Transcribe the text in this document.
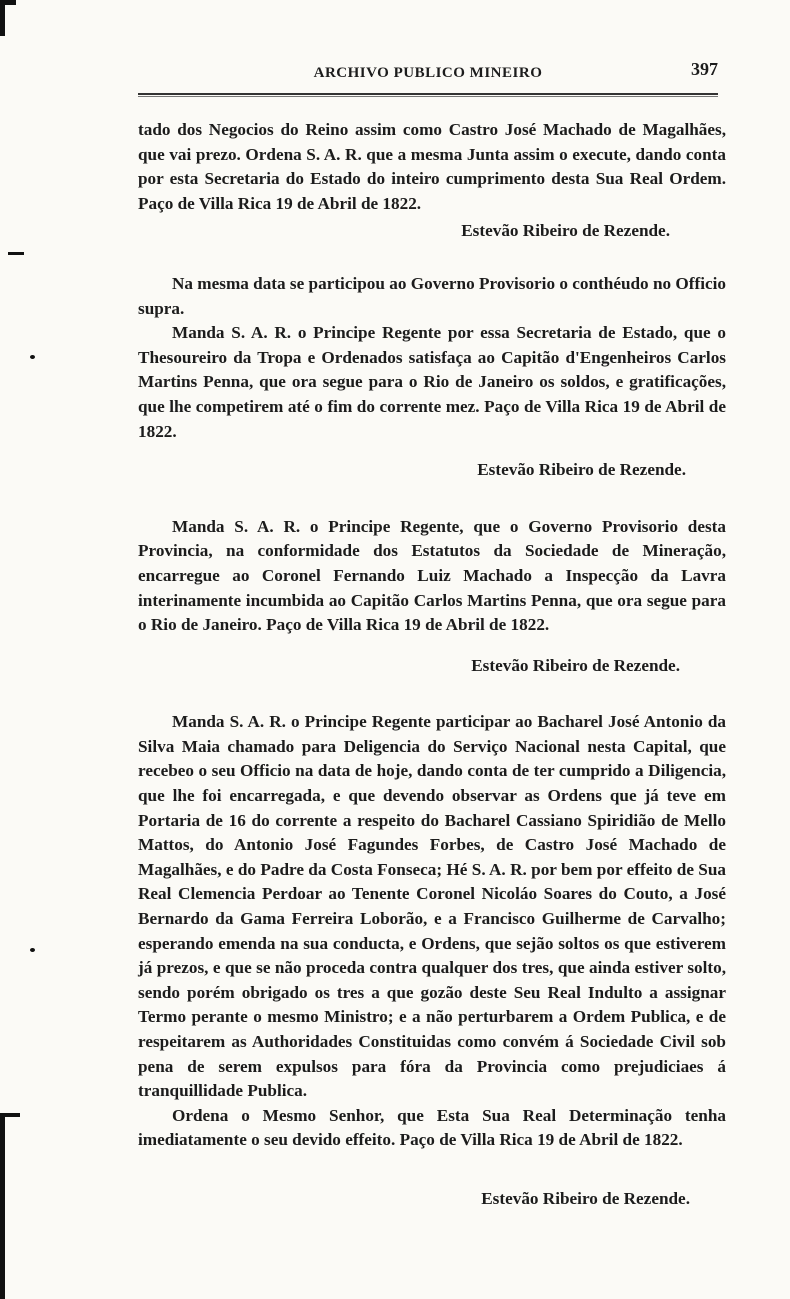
ARCHIVO PUBLICO MINEIRO	397

tado dos Negocios do Reino assim como Castro José Machado de Magalhães, que vai prezo. Ordena S. A. R. que a mesma Junta assim o execute, dando conta por esta Secretaria do Estado do inteiro cumprimento desta Sua Real Ordem. Paço de Villa Rica 19 de Abril de 1822.

Estevão Ribeiro de Rezende.

Na mesma data se participou ao Governo Provisorio o conthéudo no Officio supra.

Manda S. A. R. o Principe Regente por essa Secretaria de Estado, que o Thesoureiro da Tropa e Ordenados satisfaça ao Capitão d'Engenheiros Carlos Martins Penna, que ora segue para o Rio de Janeiro os soldos, e gratificações, que lhe competirem até o fim do corrente mez. Paço de Villa Rica 19 de Abril de 1822.

Estevão Ribeiro de Rezende.

Manda S. A. R. o Principe Regente, que o Governo Provisorio desta Provincia, na conformidade dos Estatutos da Sociedade de Mineração, encarregue ao Coronel Fernando Luiz Machado a Inspecção da Lavra interinamente incumbida ao Capitão Carlos Martins Penna, que ora segue para o Rio de Janeiro. Paço de Villa Rica 19 de Abril de 1822.

Estevão Ribeiro de Rezende.

Manda S. A. R. o Principe Regente participar ao Bacharel José Antonio da Silva Maia chamado para Deligencia do Serviço Nacional nesta Capital, que recebeo o seu Officio na data de hoje, dando conta de ter cumprido a Diligencia, que lhe foi encarregada, e que devendo observar as Ordens que já teve em Portaria de 16 do corrente a respeito do Bacharel Cassiano Spiridião de Mello Mattos, do Antonio José Fagundes Forbes, de Castro José Machado de Magalhães, e do Padre da Costa Fonseca; Hé S. A. R. por bem por effeito de Sua Real Clemencia Perdoar ao Tenente Coronel Nicoláo Soares do Couto, a José Bernardo da Gama Ferreira Loborão, e a Francisco Guilherme de Carvalho; esperando emenda na sua conducta, e Ordens, que sejão soltos os que estiverem já prezos, e que se não proceda contra qualquer dos tres, que ainda estiver solto, sendo porém obrigado os tres a que gozão deste Seu Real Indulto a assignar Termo perante o mesmo Ministro; e a não perturbarem a Ordem Publica, e de respeitarem as Authoridades Constituidas como convém á Sociedade Civil sob pena de serem expulsos para fóra da Provincia como prejudiciaes á tranquillidade Publica.

Ordena o Mesmo Senhor, que Esta Sua Real Determinação tenha imediatamente o seu devido effeito. Paço de Villa Rica 19 de Abril de 1822.

Estevão Ribeiro de Rezende.
